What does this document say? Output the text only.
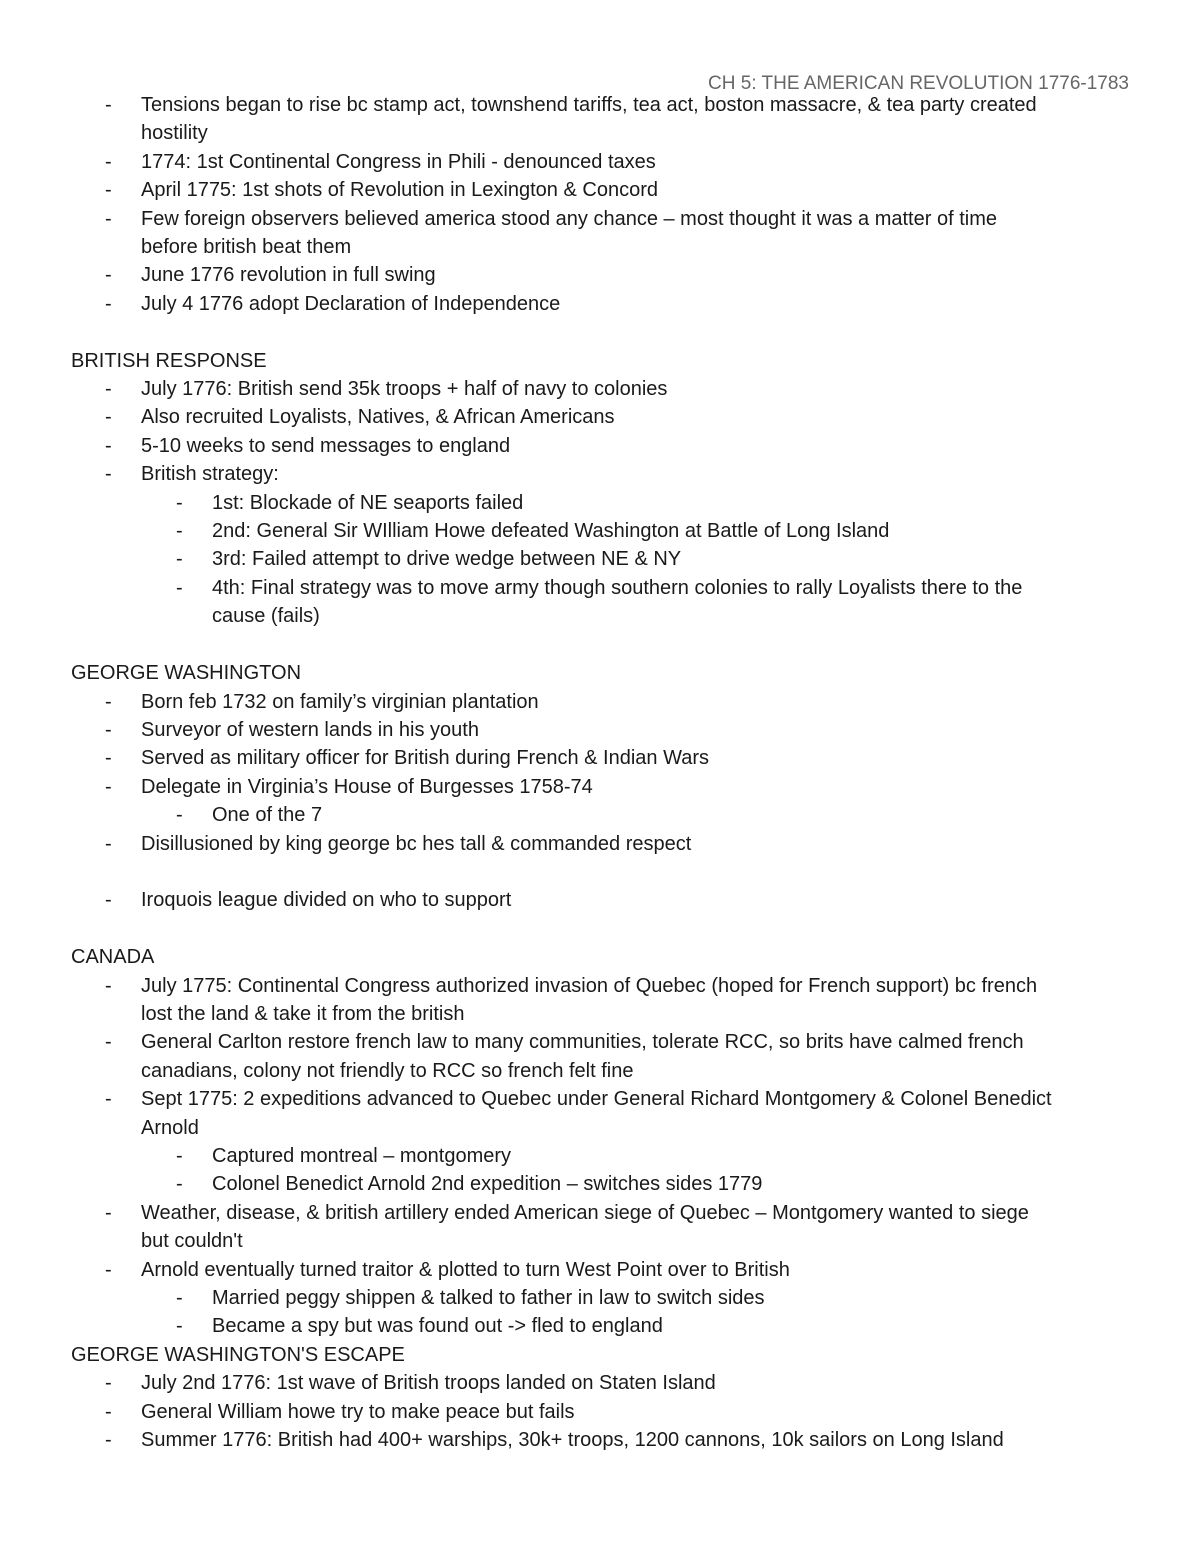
CH 5: THE AMERICAN REVOLUTION 1776-1783
- Tensions began to rise bc stamp act, townshend tariffs, tea act, boston massacre, & tea party created
hostility
- 1774: 1st Continental Congress in Phili - denounced taxes
- April 1775: 1st shots of Revolution in Lexington & Concord
- Few foreign observers believed america stood any chance – most thought it was a matter of time
before british beat them
- June 1776 revolution in full swing
- July 4 1776 adopt Declaration of Independence
BRITISH RESPONSE
- July 1776: British send 35k troops + half of navy to colonies
- Also recruited Loyalists, Natives, & African Americans
- 5-10 weeks to send messages to england
- British strategy:
- 1st: Blockade of NE seaports failed
- 2nd: General Sir WIlliam Howe defeated Washington at Battle of Long Island
- 3rd: Failed attempt to drive wedge between NE & NY
- 4th: Final strategy was to move army though southern colonies to rally Loyalists there to the
cause (fails)
GEORGE WASHINGTON
- Born feb 1732 on family’s virginian plantation
- Surveyor of western lands in his youth
- Served as military officer for British during French & Indian Wars
- Delegate in Virginia’s House of Burgesses 1758-74
- One of the 7
- Disillusioned by king george bc hes tall & commanded respect
- Iroquois league divided on who to support
CANADA
- July 1775: Continental Congress authorized invasion of Quebec (hoped for French support) bc french
lost the land & take it from the british
- General Carlton restore french law to many communities, tolerate RCC, so brits have calmed french
canadians, colony not friendly to RCC so french felt fine
- Sept 1775: 2 expeditions advanced to Quebec under General Richard Montgomery & Colonel Benedict
Arnold
- Captured montreal – montgomery
- Colonel Benedict Arnold 2nd expedition – switches sides 1779
- Weather, disease, & british artillery ended American siege of Quebec – Montgomery wanted to siege
but couldn't
- Arnold eventually turned traitor & plotted to turn West Point over to British
- Married peggy shippen & talked to father in law to switch sides
- Became a spy but was found out -> fled to england
GEORGE WASHINGTON'S ESCAPE
- July 2nd 1776: 1st wave of British troops landed on Staten Island
- General William howe try to make peace but fails
- Summer 1776: British had 400+ warships, 30k+ troops, 1200 cannons, 10k sailors on Long Island
